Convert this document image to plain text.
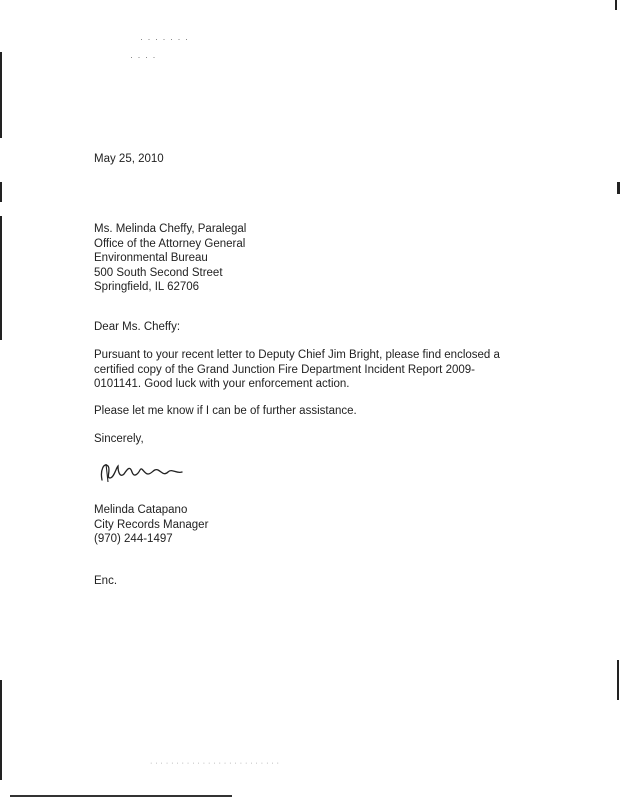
· · · · · · ·
· · · ·
May 25, 2010
Ms. Melinda Cheffy, Paralegal
Office of the Attorney General
Environmental Bureau
500 South Second Street
Springfield, IL 62706
Dear Ms. Cheffy:
Pursuant to your recent letter to Deputy Chief Jim Bright, please find enclosed a certified copy of the Grand Junction Fire Department Incident Report 2009-0101141. Good luck with your enforcement action.
Please let me know if I can be of further assistance.
Sincerely,
Melinda Catapano
City Records Manager
(970) 244-1497
Enc.
· · · · · · · · · · · · · · · · · · · · · · · · ·
